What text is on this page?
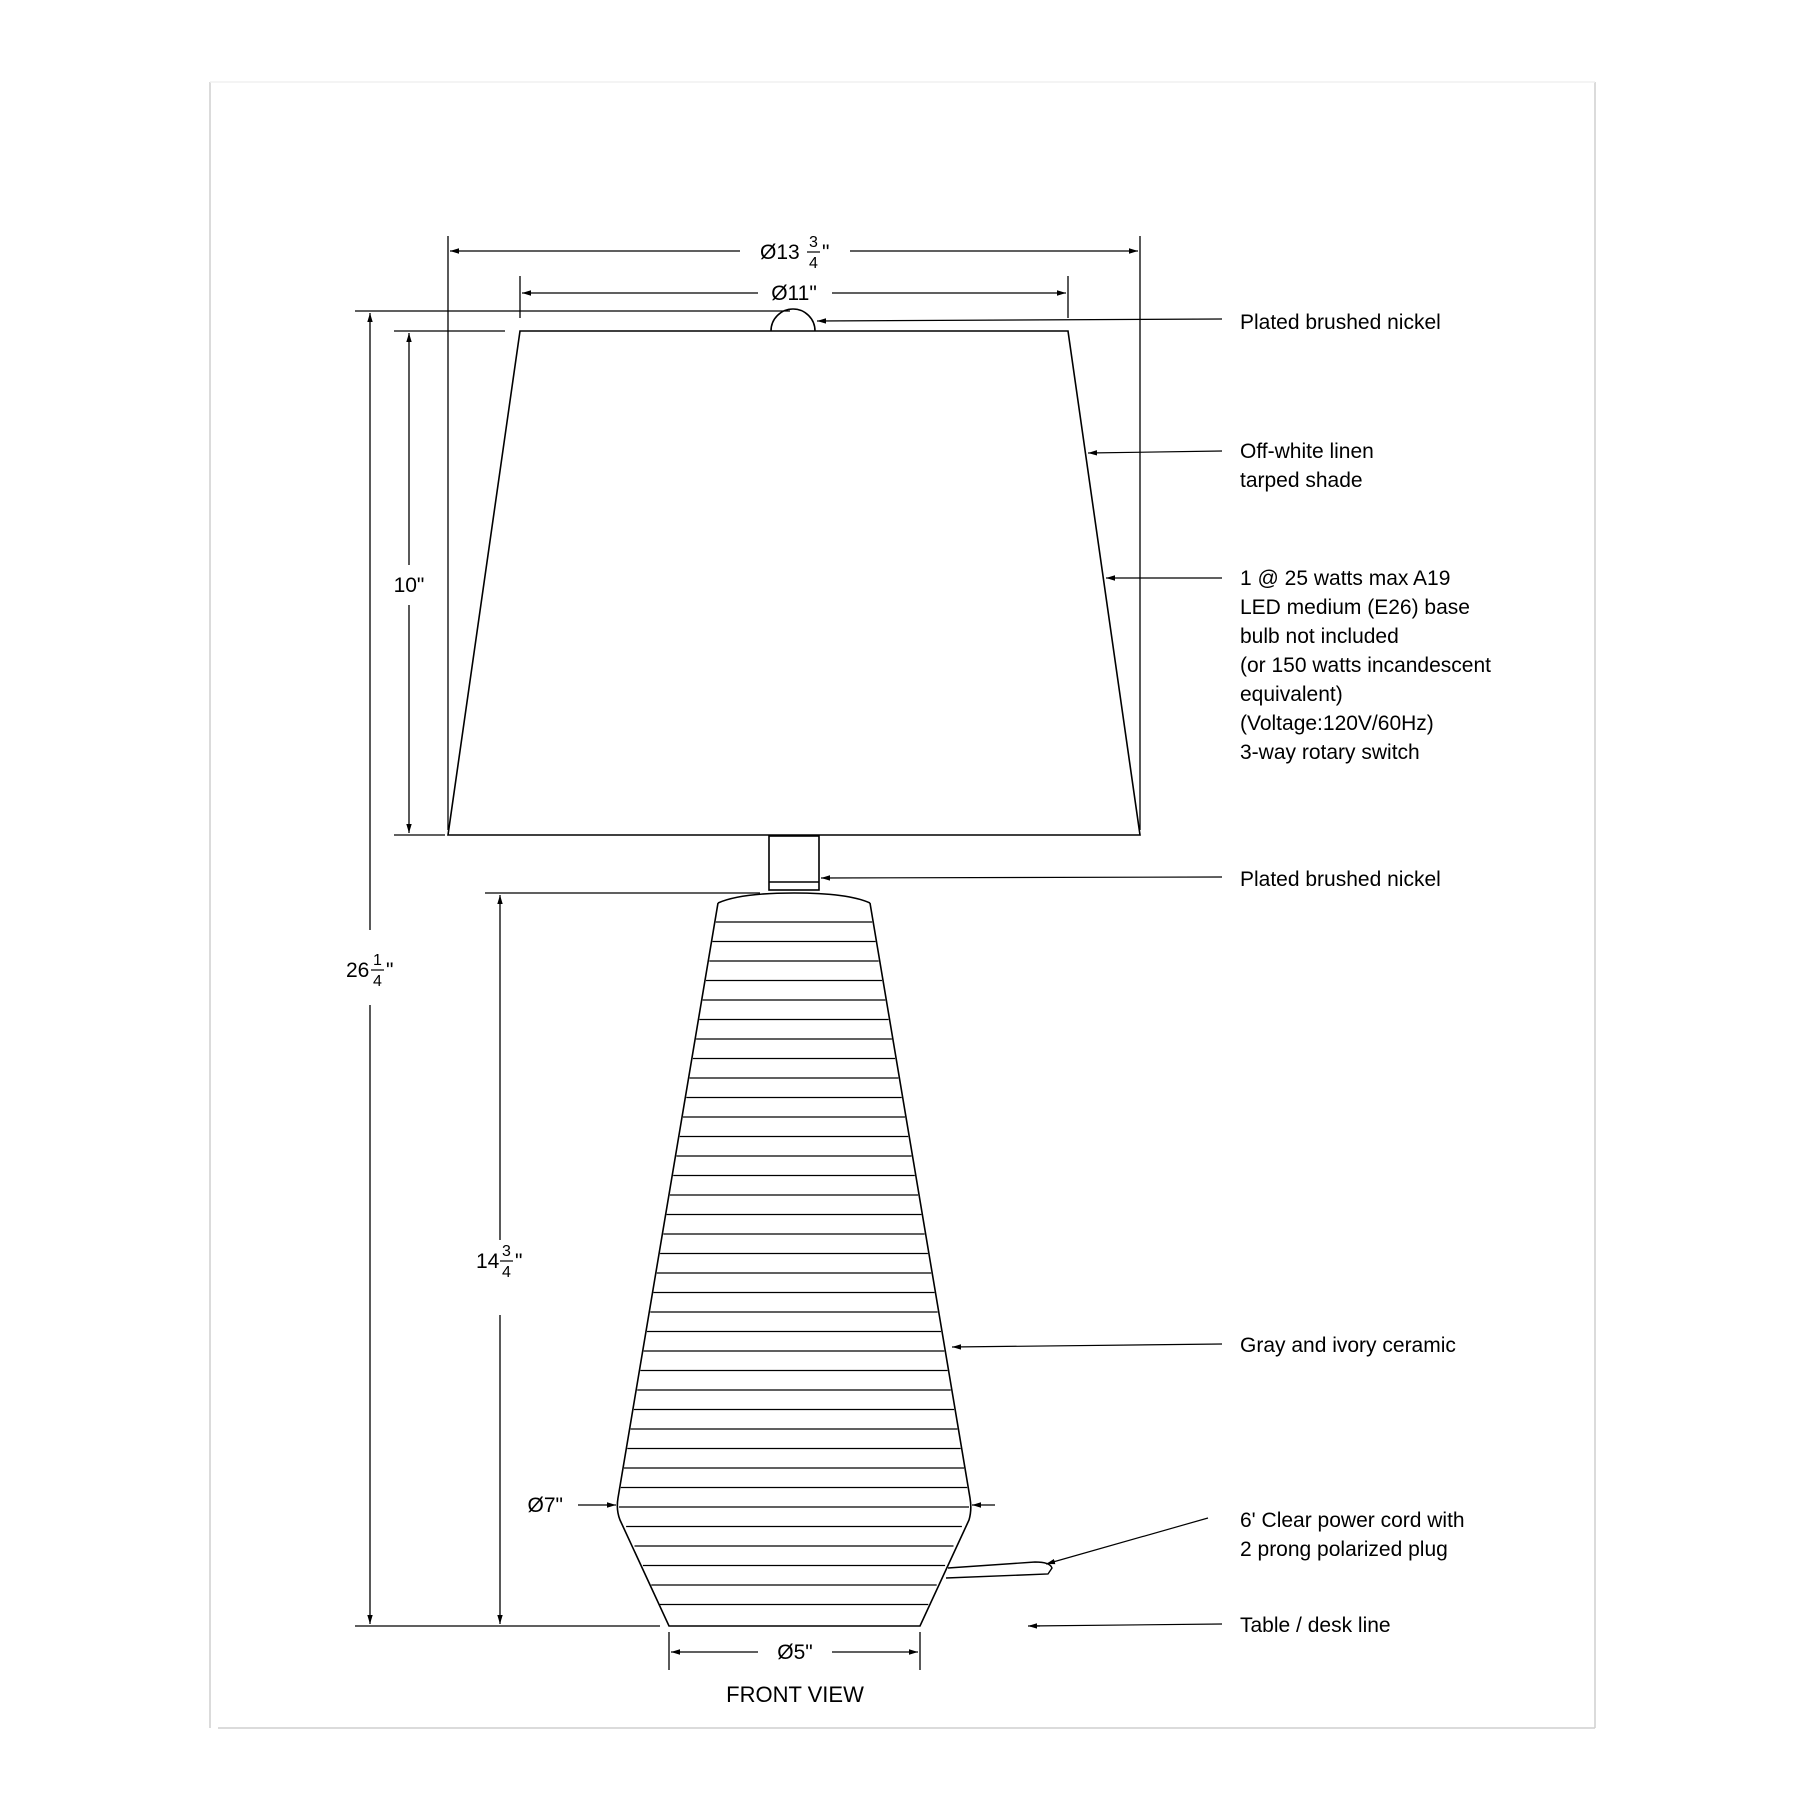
Ø13 3
4 "
Ø11"
10"
26 1
4 "
14 3
4 "
Ø7"
Ø5"
Plated brushed nickel
Off-white linen tarped shade
1 @ 25 watts max A19 LED medium (E26) base bulb not included (or 150 watts incandescent equivalent) (Voltage:120V/60Hz) 3-way rotary switch
Plated brushed nickel
Gray and ivory ceramic
6' Clear power cord with 2 prong polarized plug
Table / desk line
FRONT VIEW
